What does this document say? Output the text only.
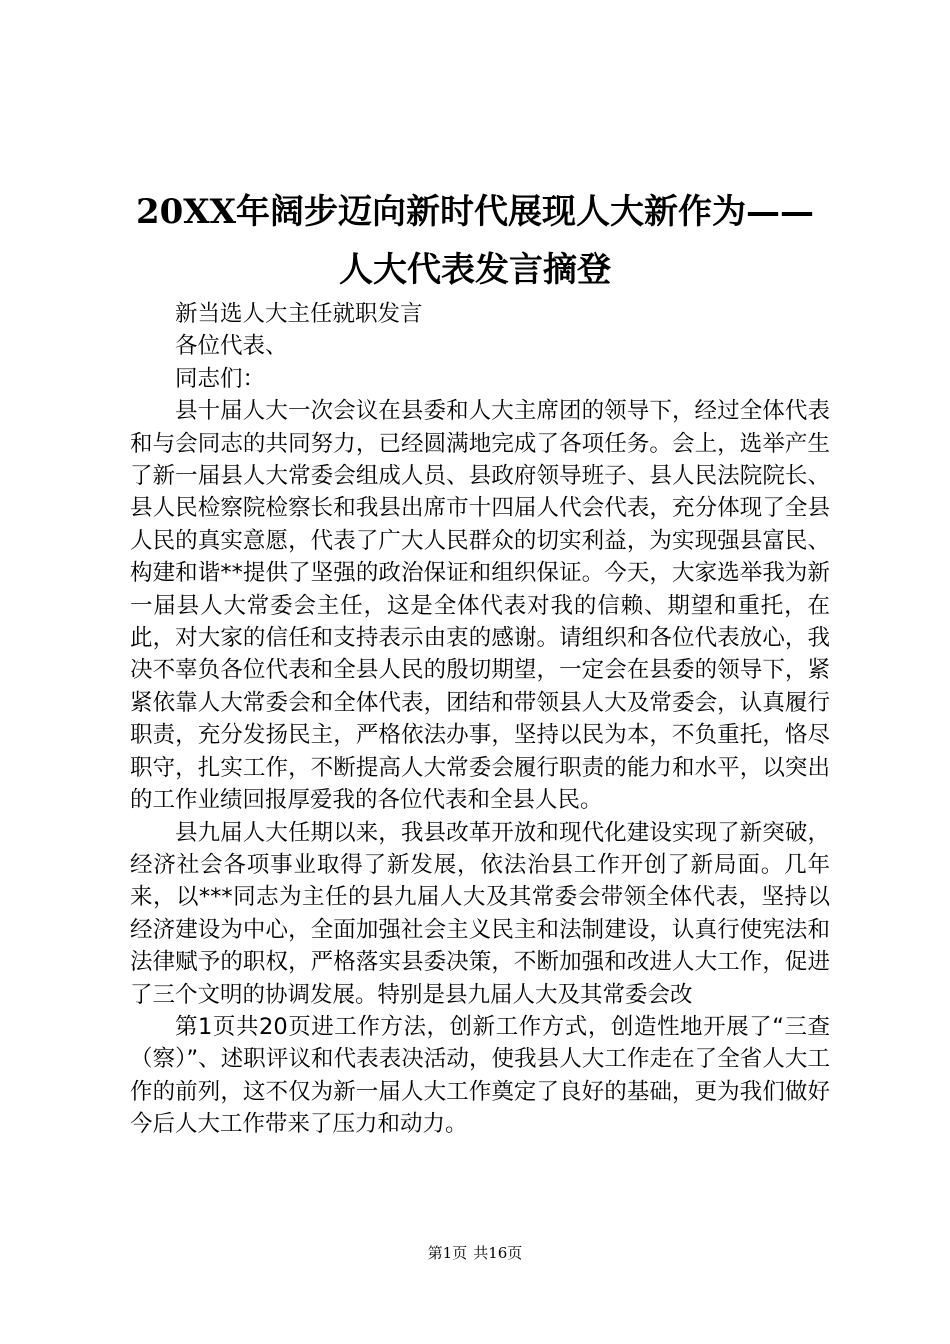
20XX年阔步迈向新时代展现人大新作为——
人大代表发言摘登

新当选人大主任就职发言

各位代表、

同志们：

县十届人大一次会议在县委和人大主席团的领导下，经过全体代表和与会同志的共同努力，已经圆满地完成了各项任务。会上，选举产生了新一届县人大常委会组成人员、县政府领导班子、县人民法院院长、县人民检察院检察长和我县出席市十四届人代会代表，充分体现了全县人民的真实意愿，代表了广大人民群众的切实利益，为实现强县富民、构建和谐**提供了坚强的政治保证和组织保证。今天，大家选举我为新一届县人大常委会主任，这是全体代表对我的信赖、期望和重托，在此，对大家的信任和支持表示由衷的感谢。请组织和各位代表放心，我决不辜负各位代表和全县人民的殷切期望，一定会在县委的领导下，紧紧依靠人大常委会和全体代表，团结和带领县人大及常委会，认真履行职责，充分发扬民主，严格依法办事，坚持以民为本，不负重托，恪尽职守，扎实工作，不断提高人大常委会履行职责的能力和水平，以突出的工作业绩回报厚爱我的各位代表和全县人民。

县九届人大任期以来，我县改革开放和现代化建设实现了新突破，经济社会各项事业取得了新发展，依法治县工作开创了新局面。几年来，以***同志为主任的县九届人大及其常委会带领全体代表，坚持以经济建设为中心，全面加强社会主义民主和法制建设，认真行使宪法和法律赋予的职权，严格落实县委决策，不断加强和改进人大工作，促进了三个文明的协调发展。特别是县九届人大及其常委会改

第1页共20页进工作方法，创新工作方式，创造性地开展了“三查（察）”、述职评议和代表表决活动，使我县人大工作走在了全省人大工作的前列，这不仅为新一届人大工作奠定了良好的基础，更为我们做好今后人大工作带来了压力和动力。

第1页 共16页
